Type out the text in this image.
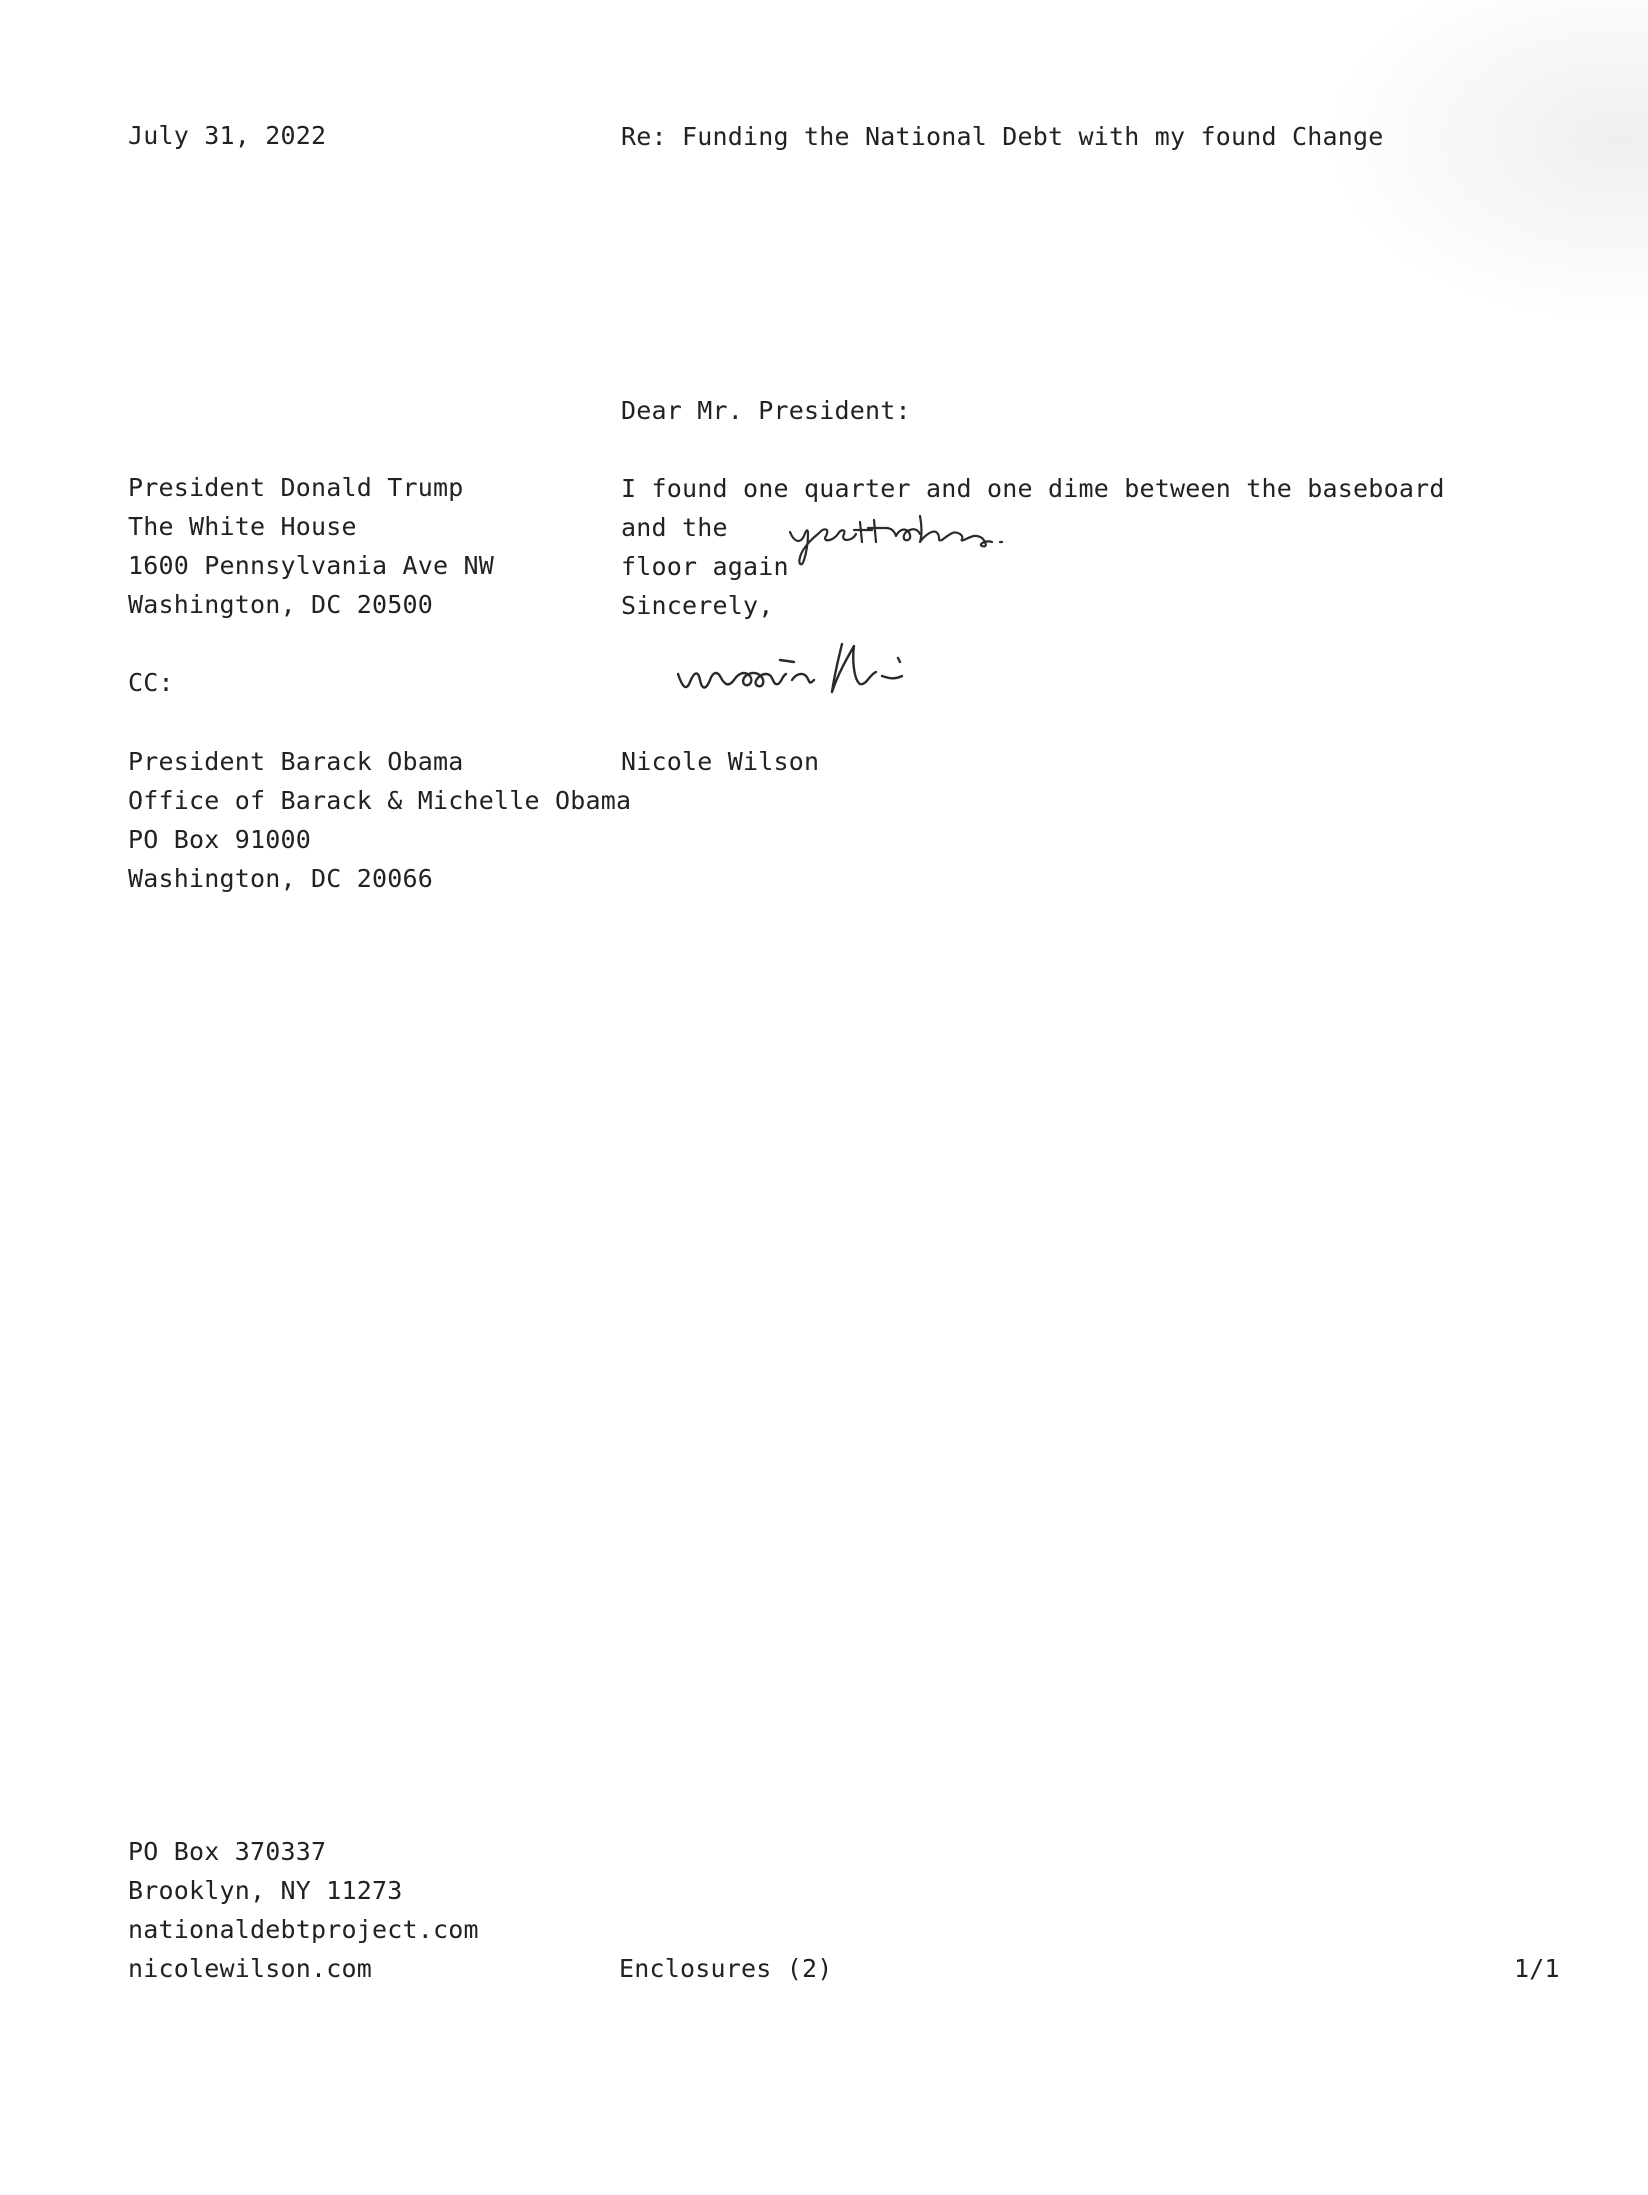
July 31, 2022	Re: Funding the National Debt with my found Change
Dear Mr. President:
President Donald Trump
The White House
1600 Pennsylvania Ave NW
Washington, DC 20500
CC:
President Barack Obama
Office of Barack & Michelle Obama
PO Box 91000
Washington, DC 20066
I found one quarter and one dime between the baseboard and the
floor again
Sincerely,
Nicole Wilson
PO Box 370337
Brooklyn, NY 11273
nationaldebtproject.com
nicolewilson.com	Enclosures (2)	1/1
